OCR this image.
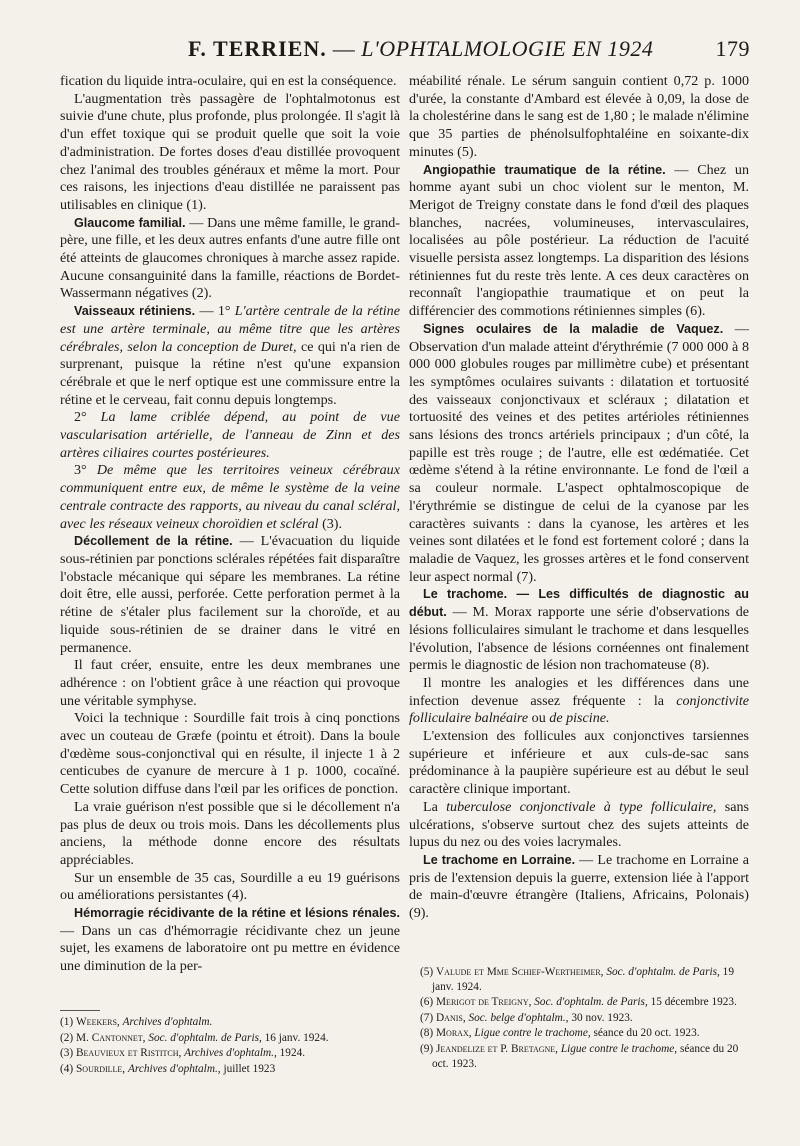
F. TERRIEN. — L'OPHTALMOLOGIE EN 1924	179

fication du liquide intra-oculaire, qui en est la conséquence.

L'augmentation très passagère de l'ophtalmotonus est suivie d'une chute, plus profonde, plus prolongée. Il s'agit là d'un effet toxique qui se produit quelle que soit la voie d'administration. De fortes doses d'eau distillée provoquent chez l'animal des troubles généraux et même la mort. Pour ces raisons, les injections d'eau distillée ne paraissent pas utilisables en clinique (1).

Glaucome familial. — Dans une même famille, le grand-père, une fille, et les deux autres enfants d'une autre fille ont été atteints de glaucomes chroniques à marche assez rapide. Aucune consanguinité dans la famille, réactions de Bordet-Wassermann négatives (2).

Vaisseaux rétiniens. — 1° L'artère centrale de la rétine est une artère terminale, au même titre que les artères cérébrales, selon la conception de Duret, ce qui n'a rien de surprenant, puisque la rétine n'est qu'une expansion cérébrale et que le nerf optique est une commissure entre la rétine et le cerveau, fait connu depuis longtemps.

2° La lame criblée dépend, au point de vue vascularisation artérielle, de l'anneau de Zinn et des artères ciliaires courtes postérieures.

3° De même que les territoires veineux cérébraux communiquent entre eux, de même le système de la veine centrale contracte des rapports, au niveau du canal scléral, avec les réseaux veineux choroïdien et scléral (3).

Décollement de la rétine. — L'évacuation du liquide sous-rétinien par ponctions sclérales répétées fait disparaître l'obstacle mécanique qui sépare les membranes. La rétine doit être, elle aussi, perforée. Cette perforation permet à la rétine de s'étaler plus facilement sur la choroïde, et au liquide sous-rétinien de se drainer dans le vitré en permanence.

Il faut créer, ensuite, entre les deux membranes une adhérence : on l'obtient grâce à une réaction qui provoque une véritable symphyse.

Voici la technique : Sourdille fait trois à cinq ponctions avec un couteau de Græfe (pointu et étroit). Dans la boule d'œdème sous-conjonctival qui en résulte, il injecte 1 à 2 centicubes de cyanure de mercure à 1 p. 1000, cocaïné. Cette solution diffuse dans l'œil par les orifices de ponction.

La vraie guérison n'est possible que si le décollement n'a pas plus de deux ou trois mois. Dans les décollements plus anciens, la méthode donne encore des résultats appréciables.

Sur un ensemble de 35 cas, Sourdille a eu 19 guérisons ou améliorations persistantes (4).

Hémorragie récidivante de la rétine et lésions rénales. — Dans un cas d'hémorragie récidivante chez un jeune sujet, les examens de laboratoire ont pu mettre en évidence une diminution de la per-

méabilité rénale. Le sérum sanguin contient 0,72 p. 1000 d'urée, la constante d'Ambard est élevée à 0,09, la dose de la cholestérine dans le sang est de 1,80 ; le malade n'élimine que 35 parties de phénolsulfophtaléine en soixante-dix minutes (5).

Angiopathie traumatique de la rétine. — Chez un homme ayant subi un choc violent sur le menton, M. Merigot de Treigny constate dans le fond d'œil des plaques blanches, nacrées, volumineuses, intervasculaires, localisées au pôle postérieur. La réduction de l'acuité visuelle persista assez longtemps. La disparition des lésions rétiniennes fut du reste très lente. A ces deux caractères on reconnaît l'angiopathie traumatique et on peut la différencier des commotions rétiniennes simples (6).

Signes oculaires de la maladie de Vaquez. — Observation d'un malade atteint d'érythrémie (7 000 000 à 8 000 000 globules rouges par millimètre cube) et présentant les symptômes oculaires suivants : dilatation et tortuosité des vaisseaux conjonctivaux et scléraux ; dilatation et tortuosité des veines et des petites artérioles rétiniennes sans lésions des troncs artériels principaux ; d'un côté, la papille est très rouge ; de l'autre, elle est œdématiée. Cet œdème s'étend à la rétine environnante. Le fond de l'œil a sa couleur normale. L'aspect ophtalmoscopique de l'érythrémie se distingue de celui de la cyanose par les caractères suivants : dans la cyanose, les artères et les veines sont dilatées et le fond est fortement coloré ; dans la maladie de Vaquez, les grosses artères et le fond conservent leur aspect normal (7).

Le trachome. — Les difficultés de diagnostic au début. — M. Morax rapporte une série d'observations de lésions folliculaires simulant le trachome et dans lesquelles l'évolution, l'absence de lésions cornéennes ont finalement permis le diagnostic de lésion non trachomateuse (8).

Il montre les analogies et les différences dans une infection devenue assez fréquente : la conjonctivite folliculaire balnéaire ou de piscine.

L'extension des follicules aux conjonctives tarsiennes supérieure et inférieure et aux culs-de-sac sans prédominance à la paupière supérieure est au début le seul caractère clinique important.

La tuberculose conjonctivale à type folliculaire, sans ulcérations, s'observe surtout chez des sujets atteints de lupus du nez ou des voies lacrymales.

Le trachome en Lorraine. — Le trachome en Lorraine a pris de l'extension depuis la guerre, extension liée à l'apport de main-d'œuvre étrangère (Italiens, Africains, Polonais) (9).

(1) Weekers, Archives d'ophtalm.

(2) M. Cantonnet, Soc. d'ophtalm. de Paris, 16 janv. 1924.

(3) Beauvieux et Ristitch, Archives d'ophtalm., 1924.

(4) Sourdille, Archives d'ophtalm., juillet 1923

(5) Valude et Mme Schief-Wertheimer, Soc. d'ophtalm. de Paris, 19 janv. 1924.

(6) Merigot de Treigny, Soc. d'ophtalm. de Paris, 15 décembre 1923.

(7) Danis, Soc. belge d'ophtalm., 30 nov. 1923.

(8) Morax, Ligue contre le trachome, séance du 20 oct. 1923.

(9) Jeandelize et P. Bretagne, Ligue contre le trachome, séance du 20 oct. 1923.
